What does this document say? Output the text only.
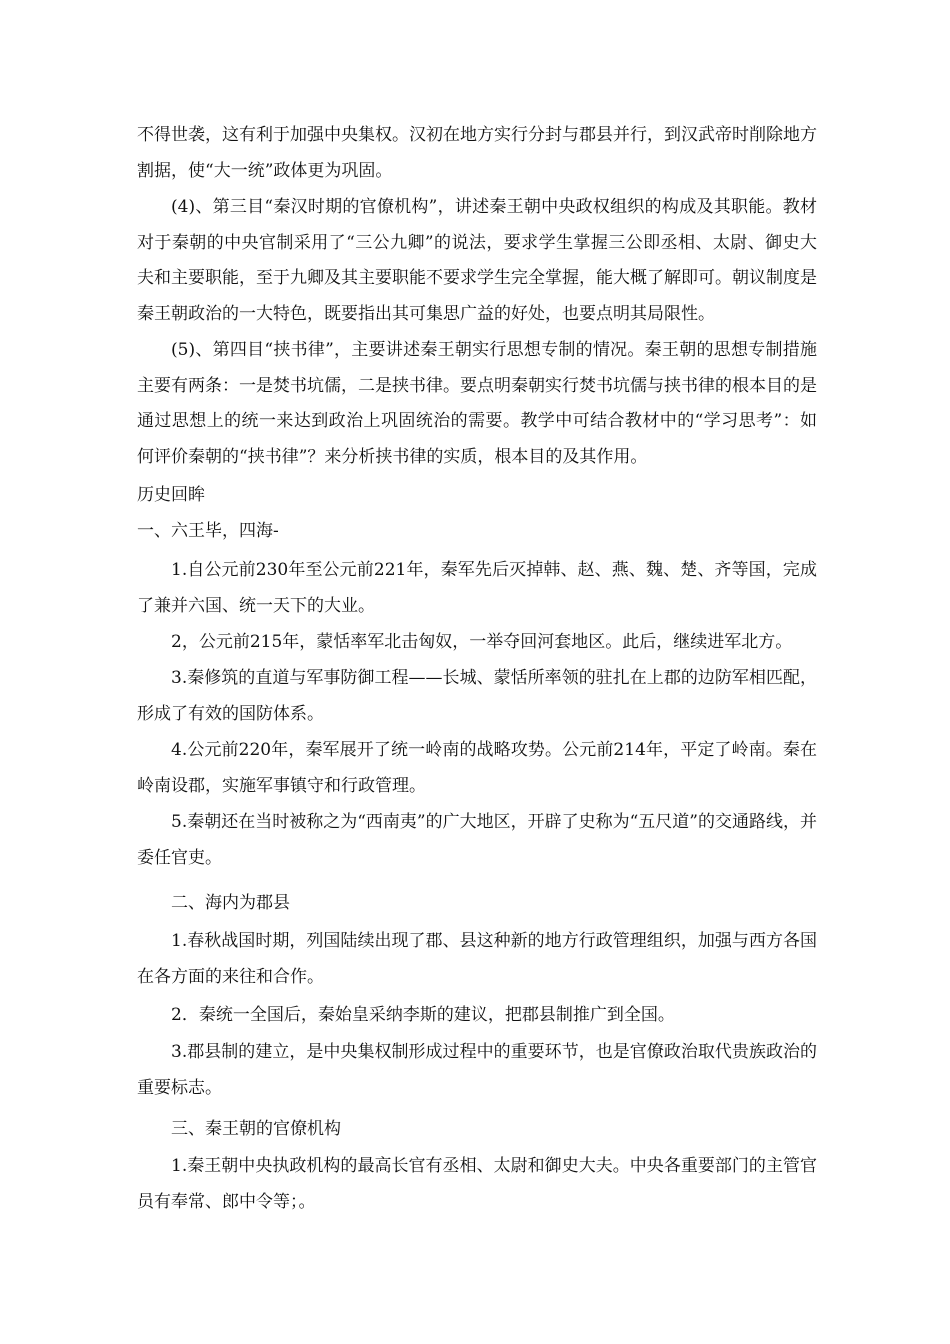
不得世袭，这有利于加强中央集权。汉初在地方实行分封与郡县并行，到汉武帝时削除地方割据，使“大一统”政体更为巩固。

(4)、第三目“秦汉时期的官僚机构”，讲述秦王朝中央政权组织的构成及其职能。教材对于秦朝的中央官制采用了“三公九卿”的说法，要求学生掌握三公即丞相、太尉、御史大夫和主要职能，至于九卿及其主要职能不要求学生完全掌握，能大概了解即可。朝议制度是秦王朝政治的一大特色，既要指出其可集思广益的好处，也要点明其局限性。

(5)、第四目“挟书律”，主要讲述秦王朝实行思想专制的情况。秦王朝的思想专制措施主要有两条：一是焚书坑儒，二是挟书律。要点明秦朝实行焚书坑儒与挟书律的根本目的是通过思想上的统一来达到政治上巩固统治的需要。教学中可结合教材中的“学习思考”：如何评价秦朝的“挟书律”？来分析挟书律的实质，根本目的及其作用。

历史回眸

一、六王毕，四海-

1.自公元前230年至公元前221年，秦军先后灭掉韩、赵、燕、魏、楚、齐等国，完成了兼并六国、统一天下的大业。

2，公元前215年，蒙恬率军北击匈奴，一举夺回河套地区。此后，继续进军北方。

3.秦修筑的直道与军事防御工程——长城、蒙恬所率领的驻扎在上郡的边防军相匹配，形成了有效的国防体系。

4.公元前220年，秦军展开了统一岭南的战略攻势。公元前214年，平定了岭南。秦在岭南设郡，实施军事镇守和行政管理。

5.秦朝还在当时被称之为“西南夷”的广大地区，开辟了史称为“五尺道”的交通路线，并委任官吏。

二、海内为郡县

1.春秋战国时期，列国陆续出现了郡、县这种新的地方行政管理组织，加强与西方各国在各方面的来往和合作。

2．秦统一全国后，秦始皇采纳李斯的建议，把郡县制推广到全国。

3.郡县制的建立，是中央集权制形成过程中的重要环节，也是官僚政治取代贵族政治的重要标志。

三、秦王朝的官僚机构

1.秦王朝中央执政机构的最高长官有丞相、太尉和御史大夫。中央各重要部门的主管官员有奉常、郎中令等；。
